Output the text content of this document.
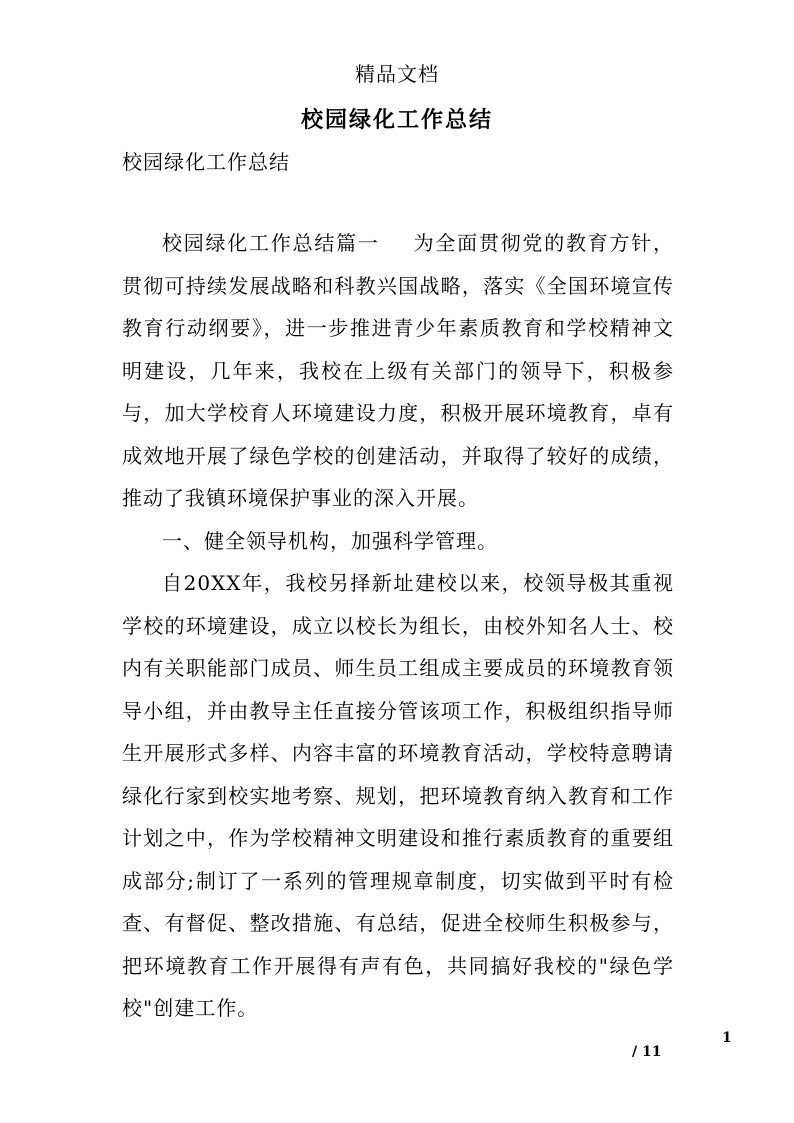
精品文档
校园绿化工作总结
校园绿化工作总结

校园绿化工作总结篇一 为全面贯彻党的教育方针，贯彻可持续发展战略和科教兴国战略，落实《全国环境宣传教育行动纲要》，进一步推进青少年素质教育和学校精神文明建设，几年来，我校在上级有关部门的领导下，积极参与，加大学校育人环境建设力度，积极开展环境教育，卓有成效地开展了绿色学校的创建活动，并取得了较好的成绩，推动了我镇环境保护事业的深入开展。

一、健全领导机构，加强科学管理。

自20XX年，我校另择新址建校以来，校领导极其重视学校的环境建设，成立以校长为组长，由校外知名人士、校内有关职能部门成员、师生员工组成主要成员的环境教育领导小组，并由教导主任直接分管该项工作，积极组织指导师生开展形式多样、内容丰富的环境教育活动，学校特意聘请绿化行家到校实地考察、规划，把环境教育纳入教育和工作计划之中，作为学校精神文明建设和推行素质教育的重要组成部分;制订了一系列的管理规章制度，切实做到平时有检查、有督促、整改措施、有总结，促进全校师生积极参与，把环境教育工作开展得有声有色，共同搞好我校的"绿色学校"创建工作。

1
/ 11
